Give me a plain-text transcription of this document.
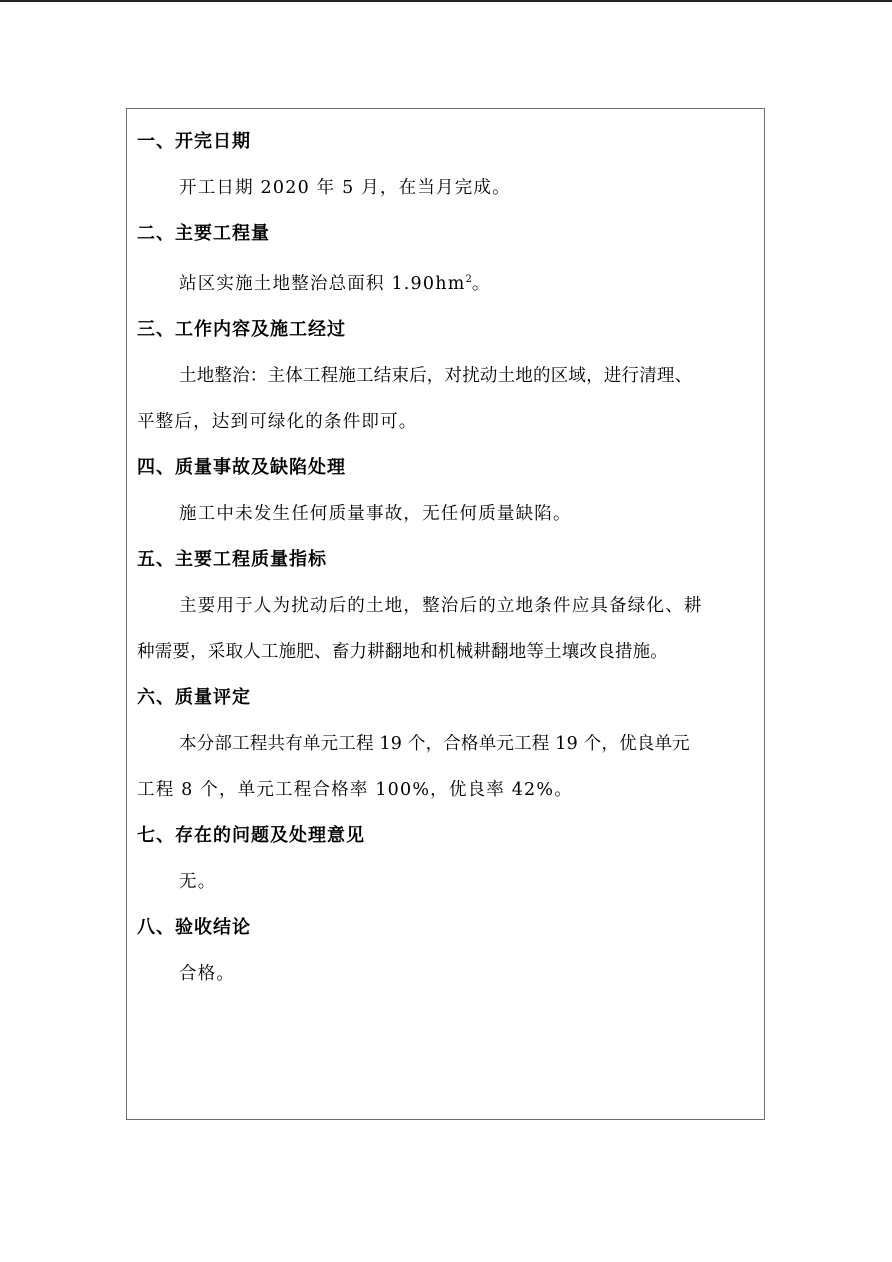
一、开完日期
开工日期 2020 年 5 月，在当月完成。
二、主要工程量
站区实施土地整治总面积 $1.90hm^2$。
三、工作内容及施工经过
土地整治：主体工程施工结束后，对扰动土地的区域，进行清理、
平整后，达到可绿化的条件即可。
四、质量事故及缺陷处理
施工中未发生任何质量事故，无任何质量缺陷。
五、主要工程质量指标
主要用于人为扰动后的土地，整治后的立地条件应具备绿化、耕
种需要，采取人工施肥、畜力耕翻地和机械耕翻地等土壤改良措施。
六、质量评定
本分部工程共有单元工程 19 个，合格单元工程 19 个，优良单元
工程 8 个，单元工程合格率 100%，优良率 42%。
七、存在的问题及处理意见
无。
八、验收结论
合格。
